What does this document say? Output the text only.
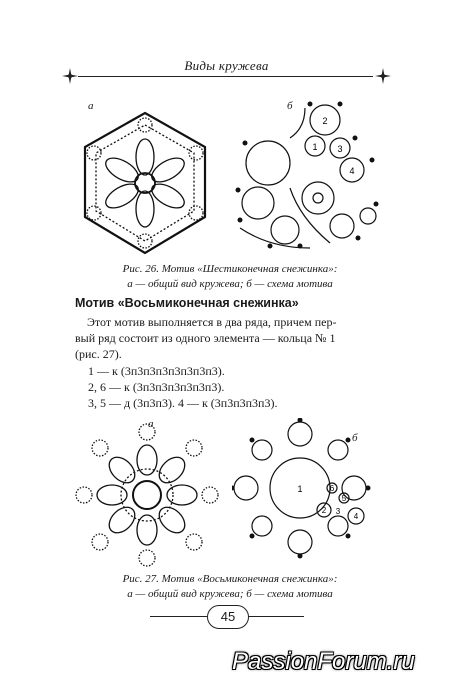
Виды кружева
а	б
2
1 3
4
Рис. 26. Мотив «Шестиконечная снежинка»:
а — общий вид кружева; б — схема мотива
Мотив «Восьмиконечная снежинка»
Этот мотив выполняется в два ряда, причем пер-
вый ряд состоит из одного элемента — кольца № 1
(рис. 27).
1 — к (3п3п3п3п3п3п3п3).
2, 6 — к (3п3п3п3п3п3п3).
3, 5 — д (3п3п3). 4 — к (3п3п3п3п3).
а
б
1	6
5
2 3
4
Рис. 27. Мотив «Восьмиконечная снежинка»:
а — общий вид кружева; б — схема мотива
45
PassionForum.ru
